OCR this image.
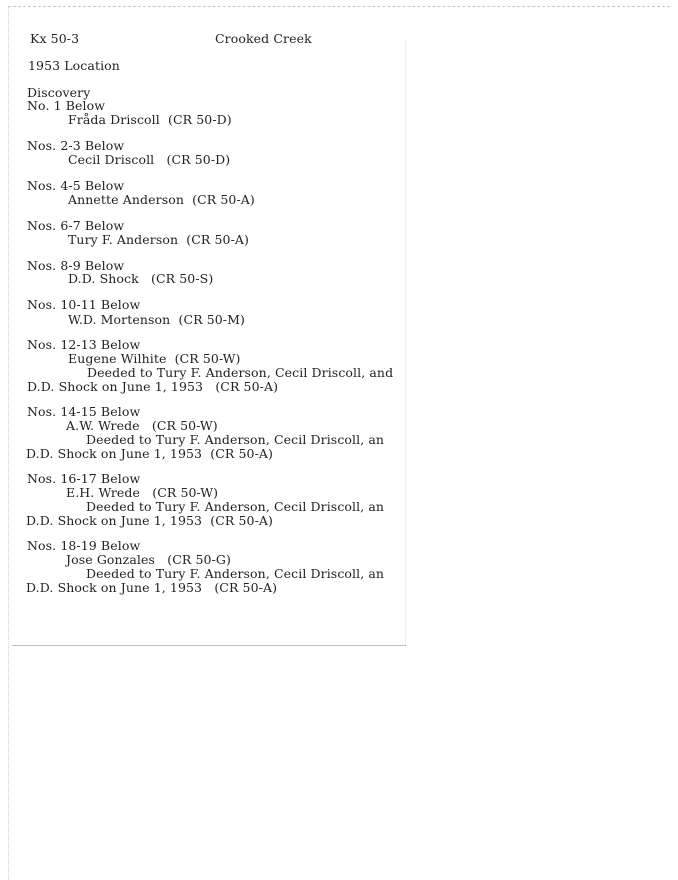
Kx 50-3	Crooked Creek
1953 Location
Discovery
No. 1 Below
Fråda Driscoll  (CR 50-D)
Nos. 2-3 Below
Cecil Driscoll   (CR 50-D)
Nos. 4-5 Below
Annette Anderson  (CR 50-A)
Nos. 6-7 Below
Tury F. Anderson  (CR 50-A)
Nos. 8-9 Below
D.D. Shock   (CR 50-S)
Nos. 10-11 Below
W.D. Mortenson  (CR 50-M)
Nos. 12-13 Below
Eugene Wilhite  (CR 50-W)
Deeded to Tury F. Anderson, Cecil Driscoll, and
D.D. Shock on June 1, 1953   (CR 50-A)
Nos. 14-15 Below
A.W. Wrede   (CR 50-W)
Deeded to Tury F. Anderson, Cecil Driscoll, an
D.D. Shock on June 1, 1953  (CR 50-A)
Nos. 16-17 Below
E.H. Wrede   (CR 50-W)
Deeded to Tury F. Anderson, Cecil Driscoll, an
D.D. Shock on June 1, 1953  (CR 50-A)
Nos. 18-19 Below
Jose Gonzales   (CR 50-G)
Deeded to Tury F. Anderson, Cecil Driscoll, an
D.D. Shock on June 1, 1953   (CR 50-A)
